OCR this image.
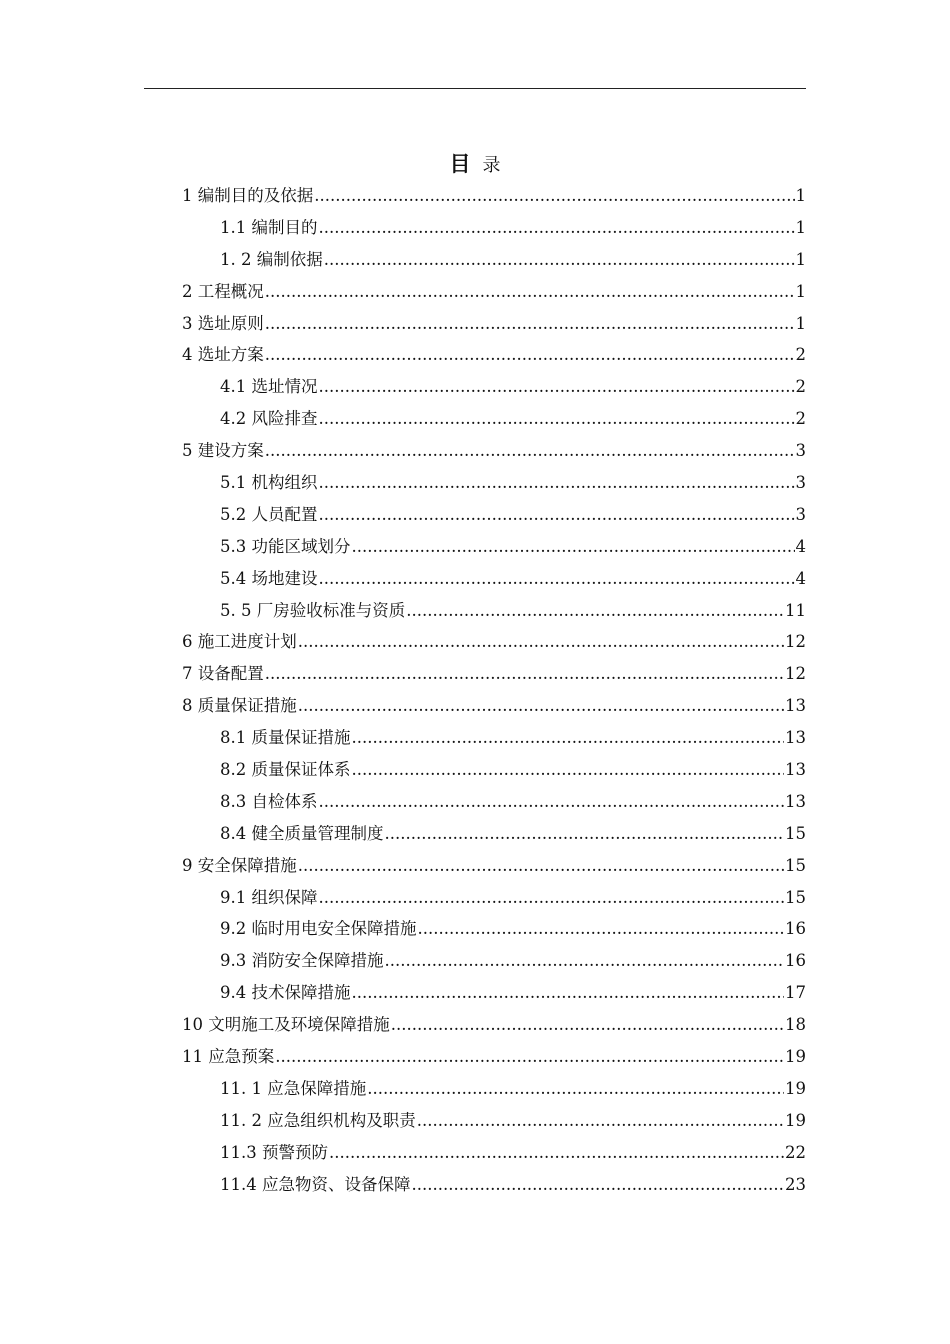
目 录
1 编制目的及依据 .....	1
1.1 编制目的 .....	1
1. 2 编制依据 .....	1
2 工程概况 .....	1
3 选址原则 .....	1
4 选址方案 .....	2
4.1 选址情况 .....	2
4.2 风险排查 .....	2
5 建设方案 .....	3
5.1 机构组织 .....	3
5.2 人员配置 .....	3
5.3 功能区域划分 .....	4
5.4 场地建设 .....	4
5. 5 厂房验收标准与资质 .....	11
6 施工进度计划 .....	12
7 设备配置 .....	12
8 质量保证措施 .....	13
8.1 质量保证措施 .....	13
8.2 质量保证体系 .....	13
8.3 自检体系 .....	13
8.4 健全质量管理制度 .....	15
9 安全保障措施 .....	15
9.1 组织保障 .....	15
9.2 临时用电安全保障措施 .....	16
9.3 消防安全保障措施 .....	16
9.4 技术保障措施 .....	17
10 文明施工及环境保障措施 .....	18
11 应急预案 .....	19
11. 1 应急保障措施 .....	19
11. 2 应急组织机构及职责 .....	19
11.3 预警预防 .....	22
11.4 应急物资、设备保障 .....	23
